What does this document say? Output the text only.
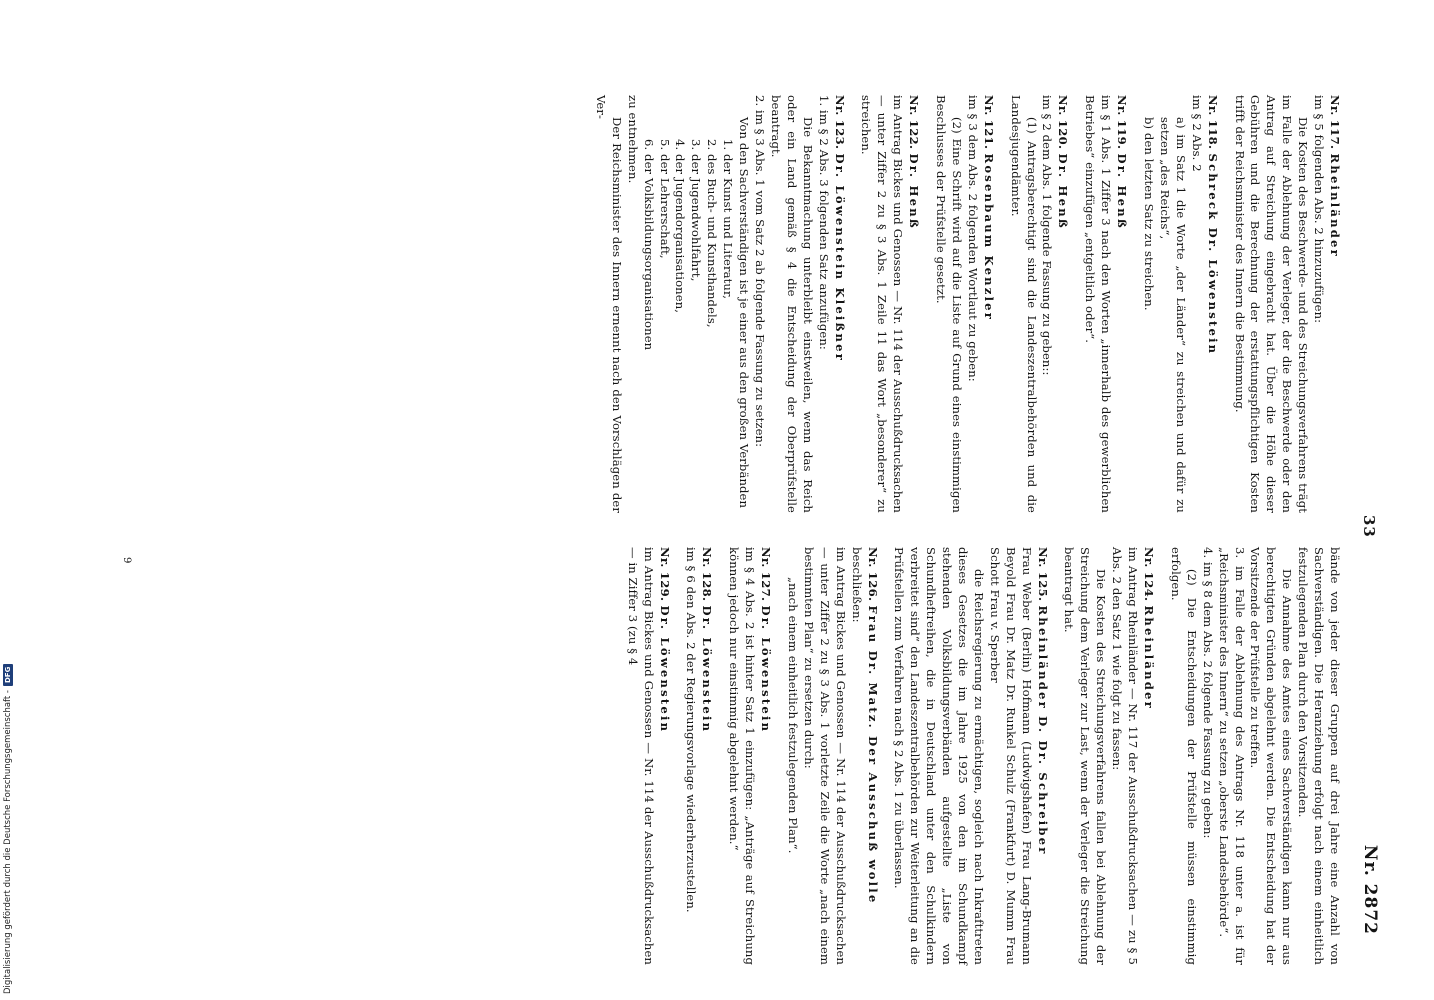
33
Nr. 2872
Nr. 117. Rheinländer
im § 5 folgenden Abs. 2 hinzuzufügen:
Die Kosten des Beschwerde- und des Streichungsverfahrens trägt im Falle der Ablehnung der Verleger, der die Beschwerde oder den Antrag auf Streichung eingebracht hat. Über die Höhe dieser Gebühren und die Berechnung der erstattungspflichtigen Kosten trifft der Reichsminister des Innern die Bestimmung.
Nr. 118. Schreck Dr. Löwenstein
im § 2 Abs. 2
a) im Satz 1 die Worte „der Länder“ zu streichen und dafür zu setzen „des Reichs“,
b) den letzten Satz zu streichen.
Nr. 119. Dr. Henß
im § 1 Abs. 1 Ziffer 3 nach den Worten „innerhalb des gewerblichen Betriebes“ einzufügen „entgeltlich oder“.
Nr. 120. Dr. Henß
im § 2 dem Abs. 1 folgende Fassung zu geben::
(1) Antragsberechtigt sind die Landeszentralbehörden und die Landesjugendämter.
Nr. 121. Rosenbaum Kenzler
im § 3 dem Abs. 2 folgenden Wortlaut zu geben:
(2) Eine Schrift wird auf die Liste auf Grund eines einstimmigen Beschlusses der Prüfstelle gesetzt.
Nr. 122. Dr. Henß
im Antrag Bickes und Genossen — Nr. 114 der Ausschußdrucksachen — unter Ziffer 2 zu § 3 Abs. 1 Zeile 11 das Wort „besonderer“ zu streichen.
Nr. 123. Dr. Löwenstein Kleißner
1. im § 2 Abs. 3 folgenden Satz anzufügen:
Die Bekanntmachung unterbleibt einstweilen, wenn das Reich oder ein Land gemäß § 4 die Entscheidung der Oberprüfstelle beantragt.
2. im § 3 Abs. 1 vom Satz 2 ab folgende Fassung zu setzen:
Von den Sachverständigen ist je einer aus den großen Verbänden
1. der Kunst und Literatur,
2. des Buch- und Kunsthandels,
3. der Jugendwohlfahrt,
4. der Jugendorganisationen,
5. der Lehrerschaft,
6. der Volksbildungsorganisationen
zu entnehmen.
Der Reichsminister des Innern ernennt nach den Vorschlägen der Ver-
bände von jeder dieser Gruppen auf drei Jahre eine Anzahl von Sachverständigen. Die Heranziehung erfolgt nach einem einheitlich festzulegenden Plan durch den Vorsitzenden.
Die Annahme des Amtes eines Sachverständigen kann nur aus berechtigten Gründen abgelehnt werden. Die Entscheidung hat der Vorsitzende der Prüfstelle zu treffen.
3. im Falle der Ablehnung des Antrags Nr. 118 unter a. ist für „Reichsminister des Innern“ zu setzen „oberste Landesbehörde“.
4. im § 8 dem Abs. 2 folgende Fassung zu geben:
(2) Die Entscheidungen der Prüfstelle müssen einstimmig erfolgen.
Nr. 124. Rheinländer
im Antrag Rheinländer — Nr. 117 der Ausschußdrucksachen — zu § 5 Abs. 2 den Satz 1 wie folgt zu fassen:
Die Kosten des Streichungsverfahrens fallen bei Ablehnung der Streichung dem Verleger zur Last, wenn der Verleger die Streichung beantragt hat.
Nr. 125. Rheinländer D. Dr. Schreiber
Frau Weber (Berlin) Hofmann (Ludwigshafen) Frau Lang-Brumann Beyold Frau Dr. Matz Dr. Runkel Schulz (Frankfurt) D. Mumm Frau Schott Frau v. Sperber
die Reichsregierung zu ermächtigen, sogleich nach Inkrafttreten dieses Gesetzes die im Jahre 1925 von den im Schundkampf stehenden Volksbildungsverbänden aufgestellte „Liste von Schundheftreihen, die in Deutschland unter den Schulkindern verbreitet sind“ den Landeszentralbehörden zur Weiterleitung an die Prüfstellen zum Verfahren nach § 2 Abs. 1 zu überlassen.
Nr. 126. Frau Dr. Matz. Der Ausschuß wolle
beschließen:
im Antrag Bickes und Genossen — Nr. 114 der Ausschußdrucksachen — unter Ziffer 2 zu § 3 Abs. 1 vorletzte Zeile die Worte „nach einem bestimmten Plan“ zu ersetzen durch:
„nach einem einheitlich festzulegenden Plan“.
Nr. 127. Dr. Löwenstein
im § 4 Abs. 2 ist hinter Satz 1 einzufügen: „Anträge auf Streichung können jedoch nur einstimmig abgelehnt werden.“
Nr. 128. Dr. Löwenstein
im § 6 den Abs. 2 der Regierungsvorlage wiederherzustellen.
Nr. 129. Dr. Löwenstein
im Antrag Bickes und Genossen — Nr. 114 der Ausschußdrucksachen — in Ziffer 3 (zu § 4
9
Digitalisierung gefördert durch die Deutsche Forschungsgemeinschaft -
DFG
